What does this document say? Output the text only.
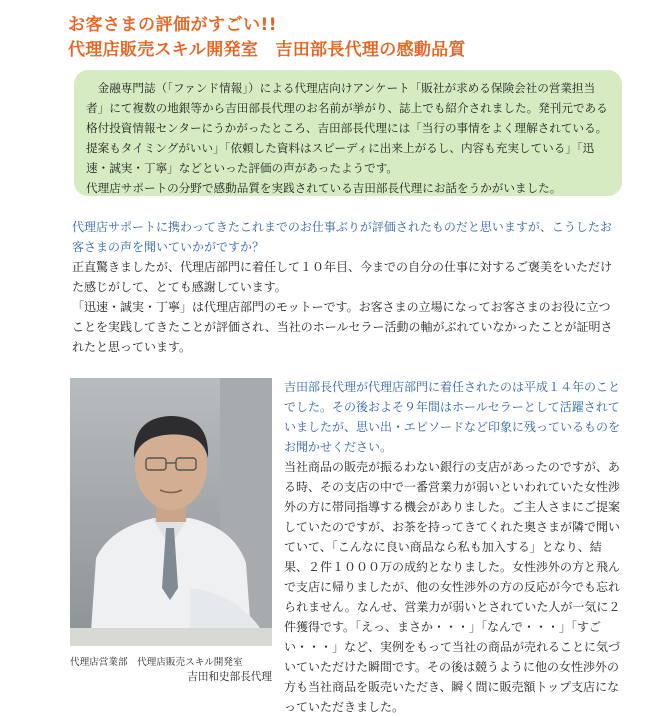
お客さまの評価がすごい!!
代理店販売スキル開発室　吉田部長代理の感動品質

金融専門誌（「ファンド情報」）による代理店向けアンケート「販社が求める保険会社の営業担当者」にて複数の地銀等から吉田部長代理のお名前が挙がり、誌上でも紹介されました。発刊元である格付投資情報センターにうかがったところ、吉田部長代理には「当行の事情をよく理解されている。提案もタイミングがいい」「依頼した資料はスピーディに出来上がるし、内容も充実している」「迅速・誠実・丁寧」などといった評価の声があったようです。

代理店サポートの分野で感動品質を実践されている吉田部長代理にお話をうかがいました。

代理店サポートに携わってきたこれまでのお仕事ぶりが評価されたものだと思いますが、こうしたお客さまの声を聞いていかがですか？

正直驚きましたが、代理店部門に着任して１０年目、今までの自分の仕事に対するご褒美をいただけた感じがして、とても感謝しています。

「迅速・誠実・丁寧」は代理店部門のモットーです。お客さまの立場になってお客さまのお役に立つことを実践してきたことが評価され、当社のホールセラー活動の軸がぶれていなかったことが証明されたと思っています。

代理店営業部　代理店販売スキル開発室
吉田和史部長代理

吉田部長代理が代理店部門に着任されたのは平成１４年のことでした。その後およそ９年間はホールセラーとして活躍されていましたが、思い出・エピソードなど印象に残っているものをお聞かせください。

当社商品の販売が振るわない銀行の支店があったのですが、ある時、その支店の中で一番営業力が弱いといわれていた女性渉外の方に帯同指導する機会がありました。ご主人さまにご提案していたのですが、お茶を持ってきてくれた奥さまが隣で聞いていて、「こんなに良い商品なら私も加入する」となり、結果、２件１０００万の成約となりました。女性渉外の方と飛んで支店に帰りましたが、他の女性渉外の方の反応が今でも忘れられません。なんせ、営業力が弱いとされていた人が一気に２件獲得です。「えっ、まさか・・・」「なんで・・・」「すごい・・・」など、実例をもって当社の商品が売れることに気づいていただけた瞬間です。その後は競うように他の女性渉外の方も当社商品を販売いただき、瞬く間に販売額トップ支店になっていただきました。
